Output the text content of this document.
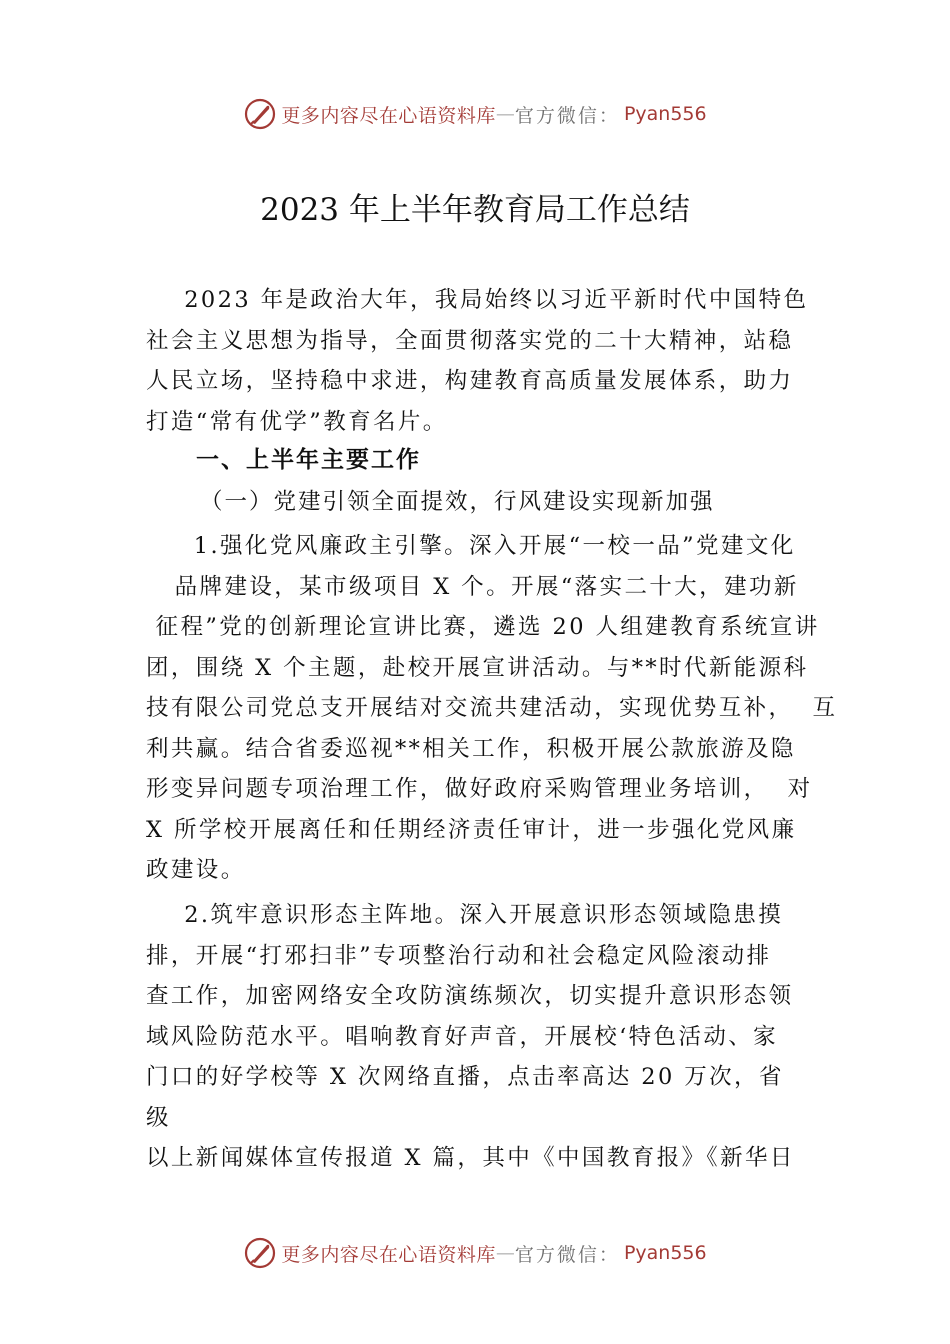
更多内容尽在心语资料库 — 官方微信： Pyan556
2023 年上半年教育局工作总结
2023 年是政治大年，我局始终以习近平新时代中国特色
社会主义思想为指导，全面贯彻落实党的二十大精神，站稳
人民立场，坚持稳中求进，构建教育高质量发展体系，助力
打造“常有优学”教育名片。
一、上半年主要工作
（一）党建引领全面提效，行风建设实现新加强
1.强化党风廉政主引擎。深入开展“一校一品”党建文化
品牌建设，某市级项目 X 个。开展“落实二十大，建功新
征程”党的创新理论宣讲比赛，遴选 20 人组建教育系统宣讲
团，围绕 X 个主题，赴校开展宣讲活动。与**时代新能源科
技有限公司党总支开展结对交流共建活动，实现优势互补，  互
利共赢。结合省委巡视**相关工作，积极开展公款旅游及隐
形变异问题专项治理工作，做好政府采购管理业务培训，  对
X 所学校开展离任和任期经济责任审计，进一步强化党风廉
政建设。
2.筑牢意识形态主阵地。深入开展意识形态领域隐患摸
排，开展“打邪扫非”专项整治行动和社会稳定风险滚动排
查工作，加密网络安全攻防演练频次，切实提升意识形态领
域风险防范水平。唱响教育好声音，开展校‘特色活动、家
门口的好学校等 X 次网络直播，点击率高达 20 万次，省
级
以上新闻媒体宣传报道 X 篇，其中《中国教育报》《新华日
更多内容尽在心语资料库 — 官方微信： Pyan556
